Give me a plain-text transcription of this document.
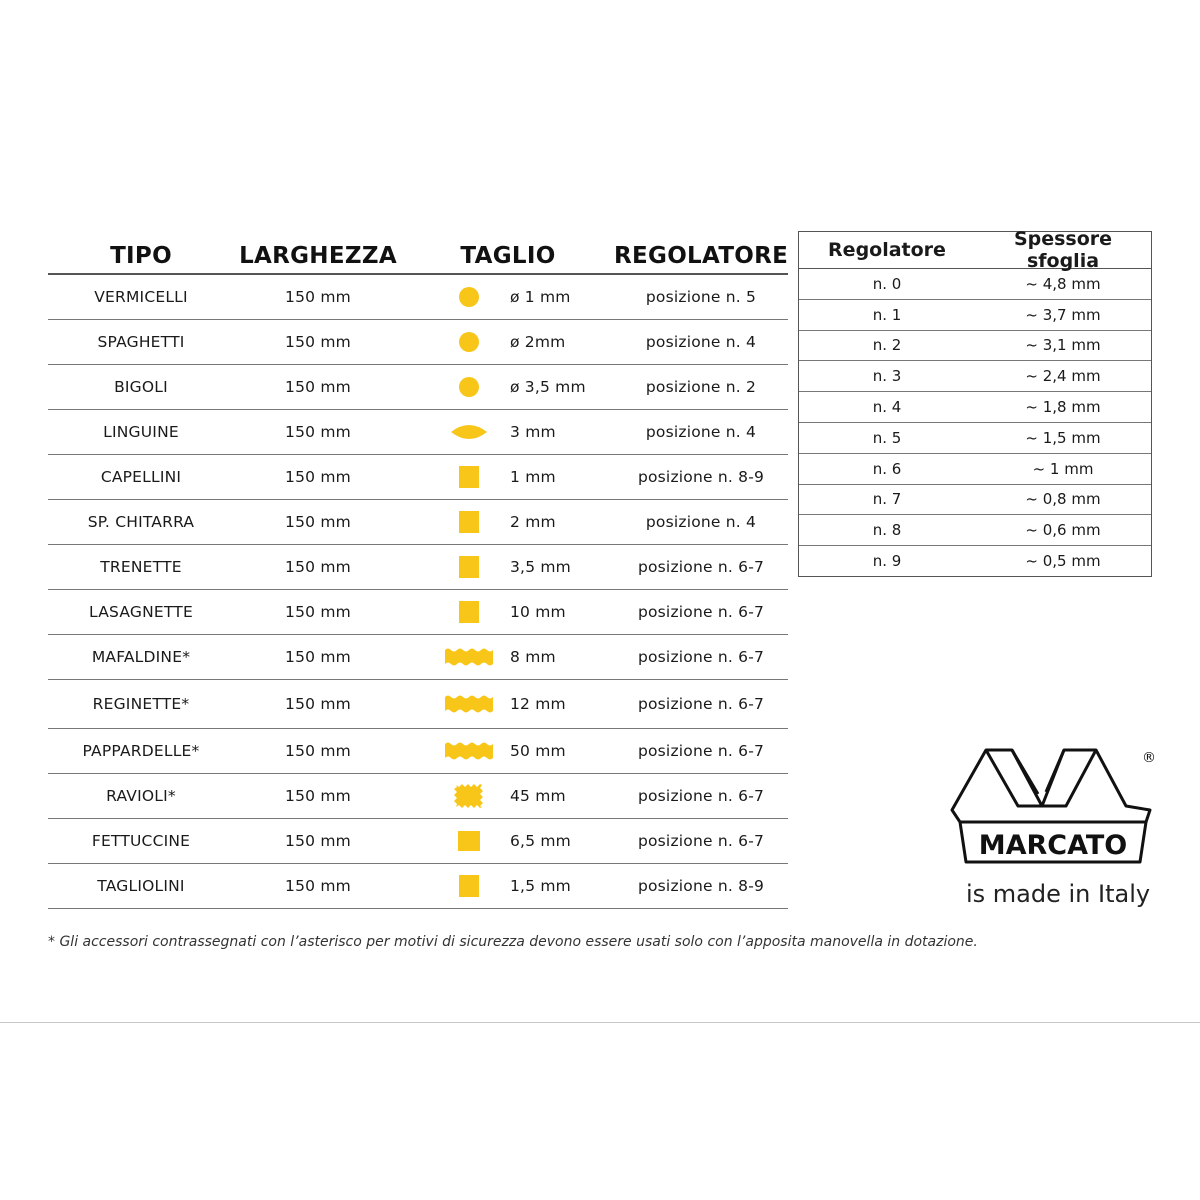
TIPO	LARGHEZZA	TAGLIO	REGOLATORE
VERMICELLI	150 mm	ø 1 mm	posizione n. 5
SPAGHETTI	150 mm	ø 2mm	posizione n. 4
BIGOLI	150 mm	ø 3,5 mm	posizione n. 2
LINGUINE	150 mm	3 mm	posizione n. 4
CAPELLINI	150 mm	1 mm	posizione n. 8-9
SP. CHITARRA	150 mm	2 mm	posizione n. 4
TRENETTE	150 mm	3,5 mm	posizione n. 6-7
LASAGNETTE	150 mm	10 mm	posizione n. 6-7
MAFALDINE*	150 mm	8 mm	posizione n. 6-7
REGINETTE*	150 mm	12 mm	posizione n. 6-7
PAPPARDELLE*	150 mm	50 mm	posizione n. 6-7
RAVIOLI*	150 mm	45 mm	posizione n. 6-7
FETTUCCINE	150 mm	6,5 mm	posizione n. 6-7
TAGLIOLINI	150 mm	1,5 mm	posizione n. 8-9
Regolatore	Spessore sfoglia
n. 0	~ 4,8 mm
n. 1	~ 3,7 mm
n. 2	~ 3,1 mm
n. 3	~ 2,4 mm
n. 4	~ 1,8 mm
n. 5	~ 1,5 mm
n. 6	~ 1 mm
n. 7	~ 0,8 mm
n. 8	~ 0,6 mm
n. 9	~ 0,5 mm
MARCATO
®
is made in Italy
* Gli accessori contrassegnati con l’asterisco per motivi di sicurezza devono essere usati solo con l’apposita manovella in dotazione.
